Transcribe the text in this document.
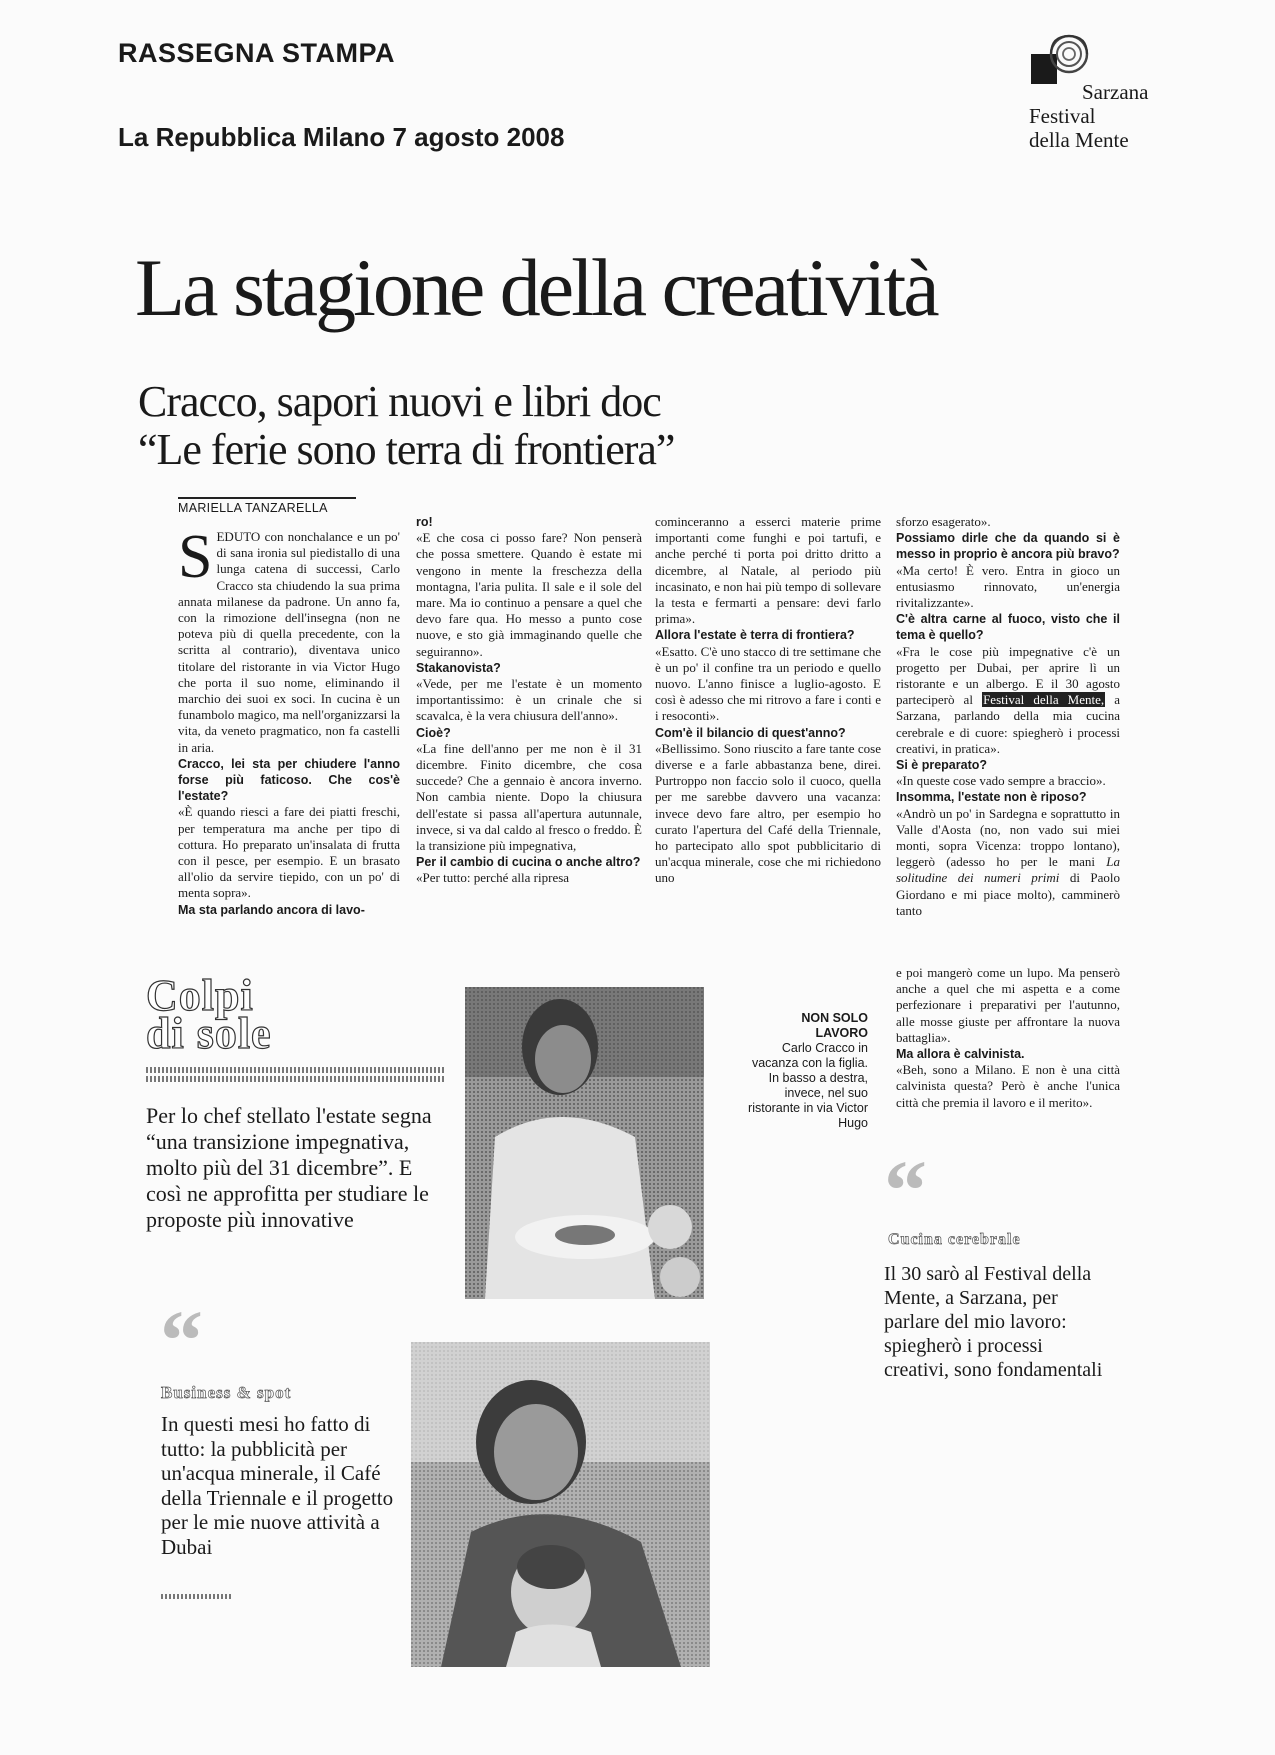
RASSEGNA STAMPA
La Repubblica Milano 7 agosto 2008
Sarzana
Festival
della Mente
La stagione della creatività
Cracco, sapori nuovi e libri doc
“Le ferie sono terra di frontiera”
MARIELLA TANZARELLA

SEDUTO con nonchalance e un po' di sana ironia sul piedistallo di una lunga catena di successi, Carlo Cracco sta chiudendo la sua prima annata milanese da padrone. Un anno fa, con la rimozione dell'insegna (non ne poteva più di quella precedente, con la scritta al contrario), diventava unico titolare del ristorante in via Victor Hugo che porta il suo nome, eliminando il marchio dei suoi ex soci. In cucina è un funambolo magico, ma nell'organizzarsi la vita, da veneto pragmatico, non fa castelli in aria.

Cracco, lei sta per chiudere l'anno forse più faticoso. Che cos'è l'estate?

«È quando riesci a fare dei piatti freschi, per temperatura ma anche per tipo di cottura. Ho preparato un'insalata di frutta con il pesce, per esempio. E un brasato all'olio da servire tiepido, con un po' di menta sopra».

Ma sta parlando ancora di lavo-

ro!

«E che cosa ci posso fare? Non penserà che possa smettere. Quando è estate mi vengono in mente la freschezza della montagna, l'aria pulita. Il sale e il sole del mare. Ma io continuo a pensare a quel che devo fare qua. Ho messo a punto cose nuove, e sto già immaginando quelle che seguiranno».

Stakanovista?

«Vede, per me l'estate è un momento importantissimo: è un crinale che si scavalca, è la vera chiusura dell'anno».

Cioè?

«La fine dell'anno per me non è il 31 dicembre. Finito dicembre, che cosa succede? Che a gennaio è ancora inverno. Non cambia niente. Dopo la chiusura dell'estate si passa all'apertura autunnale, invece, si va dal caldo al fresco o freddo. È la transizione più impegnativa,

Per il cambio di cucina o anche altro?

«Per tutto: perché alla ripresa

cominceranno a esserci materie prime importanti come funghi e poi tartufi, e anche perché ti porta poi dritto dritto a dicembre, al Natale, al periodo più incasinato, e non hai più tempo di sollevare la testa e fermarti a pensare: devi farlo prima».

Allora l'estate è terra di frontiera?

«Esatto. C'è uno stacco di tre settimane che è un po' il confine tra un periodo e quello nuovo. L'anno finisce a luglio-agosto. E così è adesso che mi ritrovo a fare i conti e i resoconti».

Com'è il bilancio di quest'anno?

«Bellissimo. Sono riuscito a fare tante cose diverse e a farle abbastanza bene, direi. Purtroppo non faccio solo il cuoco, quella per me sarebbe davvero una vacanza: invece devo fare altro, per esempio ho curato l'apertura del Café della Triennale, ho partecipato allo spot pubblicitario di un'acqua minerale, cose che mi richiedono uno

sforzo esagerato».

Possiamo dirle che da quando si è messo in proprio è ancora più bravo?

«Ma certo! È vero. Entra in gioco un entusiasmo rinnovato, un'energia rivitalizzante».

C'è altra carne al fuoco, visto che il tema è quello?

«Fra le cose più impegnative c'è un progetto per Dubai, per aprire lì un ristorante e un albergo. E il 30 agosto parteciperò al Festival della Mente, a Sarzana, parlando della mia cucina cerebrale e di cuore: spiegherò i processi creativi, in pratica».

Si è preparato?

«In queste cose vado sempre a braccio».

Insomma, l'estate non è riposo?

«Andrò un po' in Sardegna e soprattutto in Valle d'Aosta (no, non vado sui miei monti, sopra Vicenza: troppo lontano), leggerò (adesso ho per le mani La solitudine dei numeri primi di Paolo Giordano e mi piace molto), camminerò tanto

e poi mangerò come un lupo. Ma penserò anche a quel che mi aspetta e a come perfezionare i preparativi per l'autunno, alle mosse giuste per affrontare la nuova battaglia».

Ma allora è calvinista.

«Beh, sono a Milano. E non è una città calvinista questa? Però è anche l'unica città che premia il lavoro e il merito».

Colpi
di sole
Per lo chef stellato l'estate segna “una transizione impegnativa, molto più del 31 dicembre”. E così ne approfitta per studiare le proposte più innovative
NON SOLO
LAVORO
Carlo Cracco in vacanza con la figlia. In basso a destra, invece, nel suo ristorante in via Victor Hugo
“
Cucina cerebrale
Il 30 sarò al Festival della Mente, a Sarzana, per parlare del mio lavoro: spiegherò i processi creativi, sono fondamentali
“
Business & spot
In questi mesi ho fatto di tutto: la pubblicità per un'acqua minerale, il Café della Triennale e il progetto per le mie nuove attività a Dubai
